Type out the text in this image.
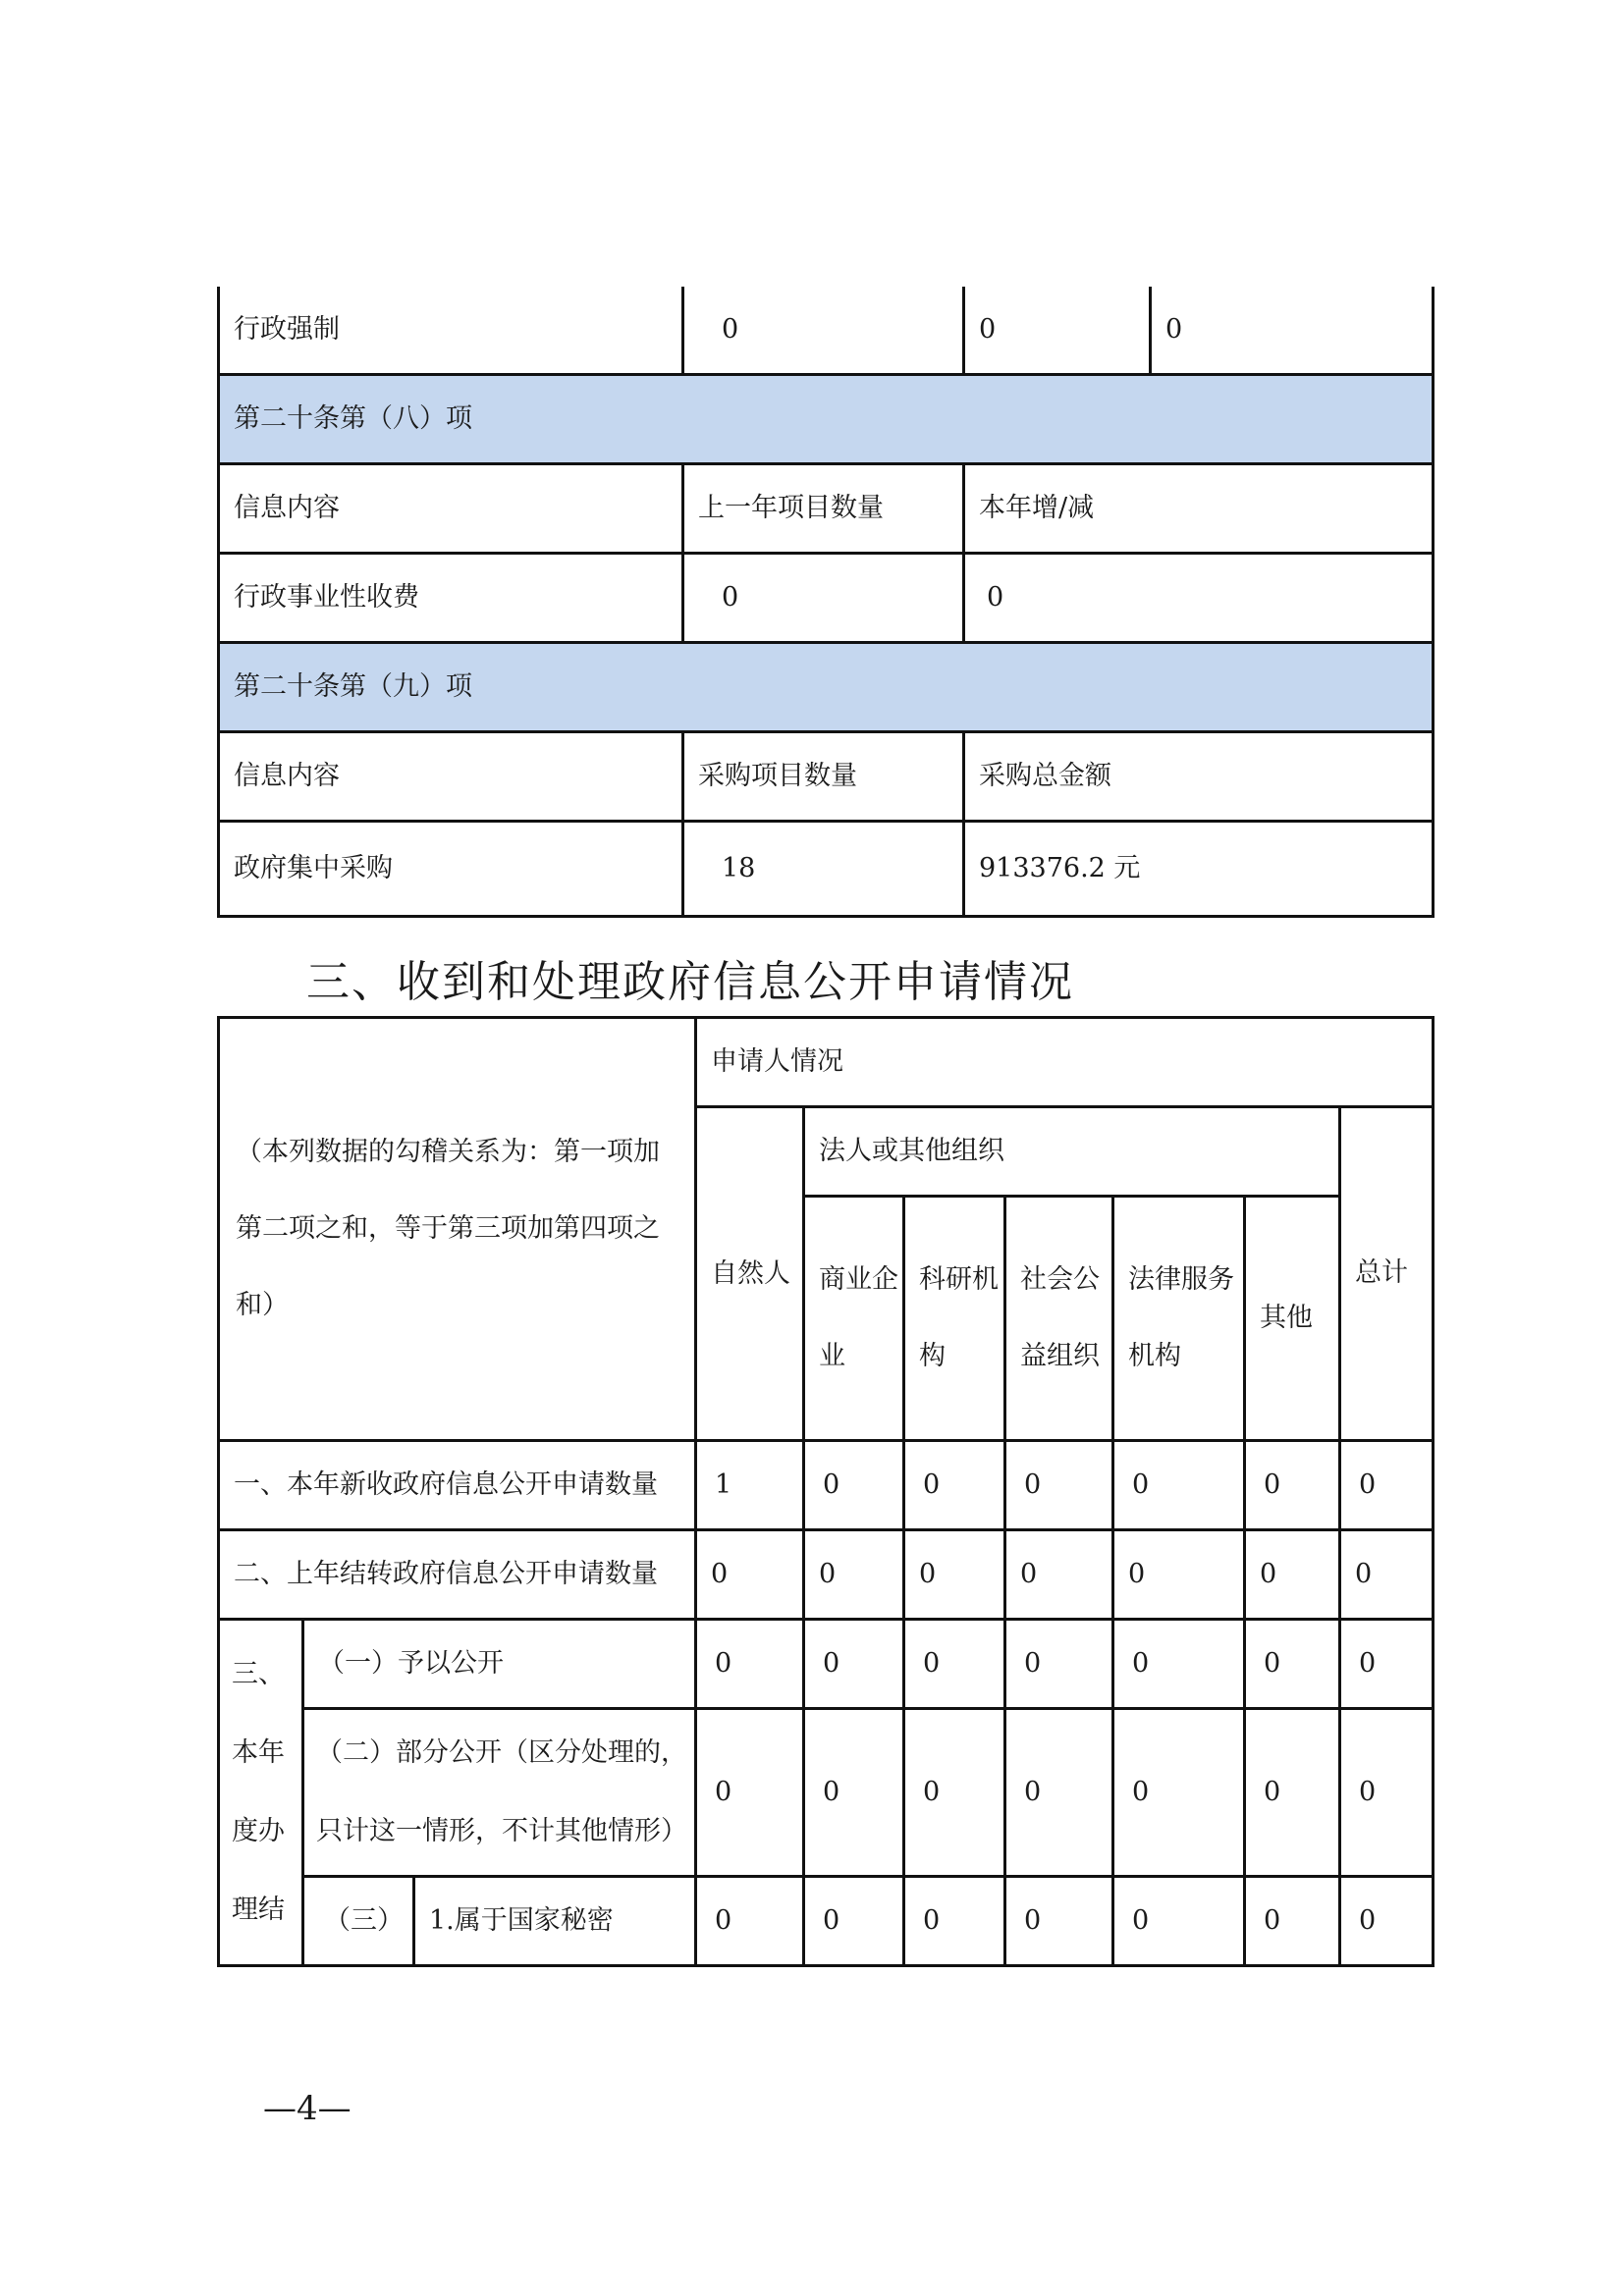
行政强制	0	0	0
第二十条第（八）项			
信息内容	上一年项目数量	本年增/减	
行政事业性收费	0	0	
第二十条第（九）项			
信息内容	采购项目数量	采购总金额	
政府集中采购	18	913376.2 元	
三、收到和处理政府信息公开申请情况
（本列数据的勾稽关系为：第一项加第二项之和，等于第三项加第四项之和）			申请人情况						
			自然人	法人或其他组织					总计
				商业企业	科研机构	社会公益组织	法律服务机构	其他	
一、本年新收政府信息公开申请数量			1	0	0	0	0	0	0
二、上年结转政府信息公开申请数量			0	0	0	0	0	0	0
三、本年度办理结	（一）予以公开		0	0	0	0	0	0	0
	（二）部分公开（区分处理的，只计这一情形，不计其他情形）		0	0	0	0	0	0	0
	（三）	1.属于国家秘密	0	0	0	0	0	0	0
—4—
